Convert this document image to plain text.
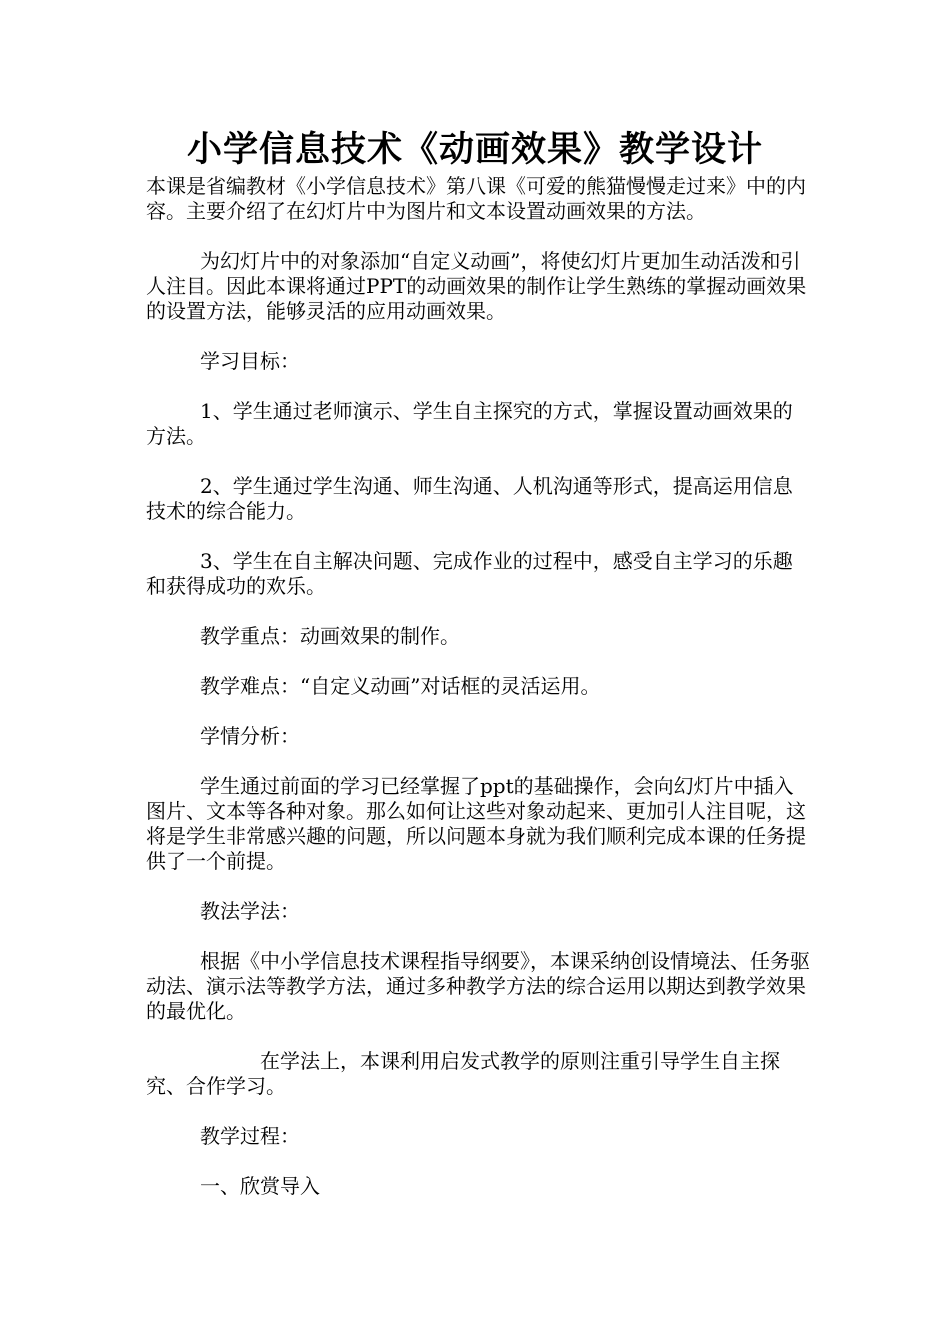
小学信息技术《动画效果》教学设计

本课是省编教材《小学信息技术》第八课《可爱的熊猫慢慢走过来》中的内容。主要介绍了在幻灯片中为图片和文本设置动画效果的方法。

为幻灯片中的对象添加“自定义动画”，将使幻灯片更加生动活泼和引人注目。因此本课将通过PPT的动画效果的制作让学生熟练的掌握动画效果的设置方法，能够灵活的应用动画效果。

学习目标：

1、学生通过老师演示、学生自主探究的方式，掌握设置动画效果的方法。

2、学生通过学生沟通、师生沟通、人机沟通等形式，提高运用信息技术的综合能力。

3、学生在自主解决问题、完成作业的过程中，感受自主学习的乐趣和获得成功的欢乐。

教学重点：动画效果的制作。

教学难点：“自定义动画”对话框的灵活运用。

学情分析：

学生通过前面的学习已经掌握了ppt的基础操作，会向幻灯片中插入图片、文本等各种对象。那么如何让这些对象动起来、更加引人注目呢，这将是学生非常感兴趣的问题，所以问题本身就为我们顺利完成本课的任务提供了一个前提。

教法学法：

根据《中小学信息技术课程指导纲要》，本课采纳创设情境法、任务驱动法、演示法等教学方法，通过多种教学方法的综合运用以期达到教学效果的最优化。

在学法上，本课利用启发式教学的原则注重引导学生自主探究、合作学习。

教学过程：

一、欣赏导入
